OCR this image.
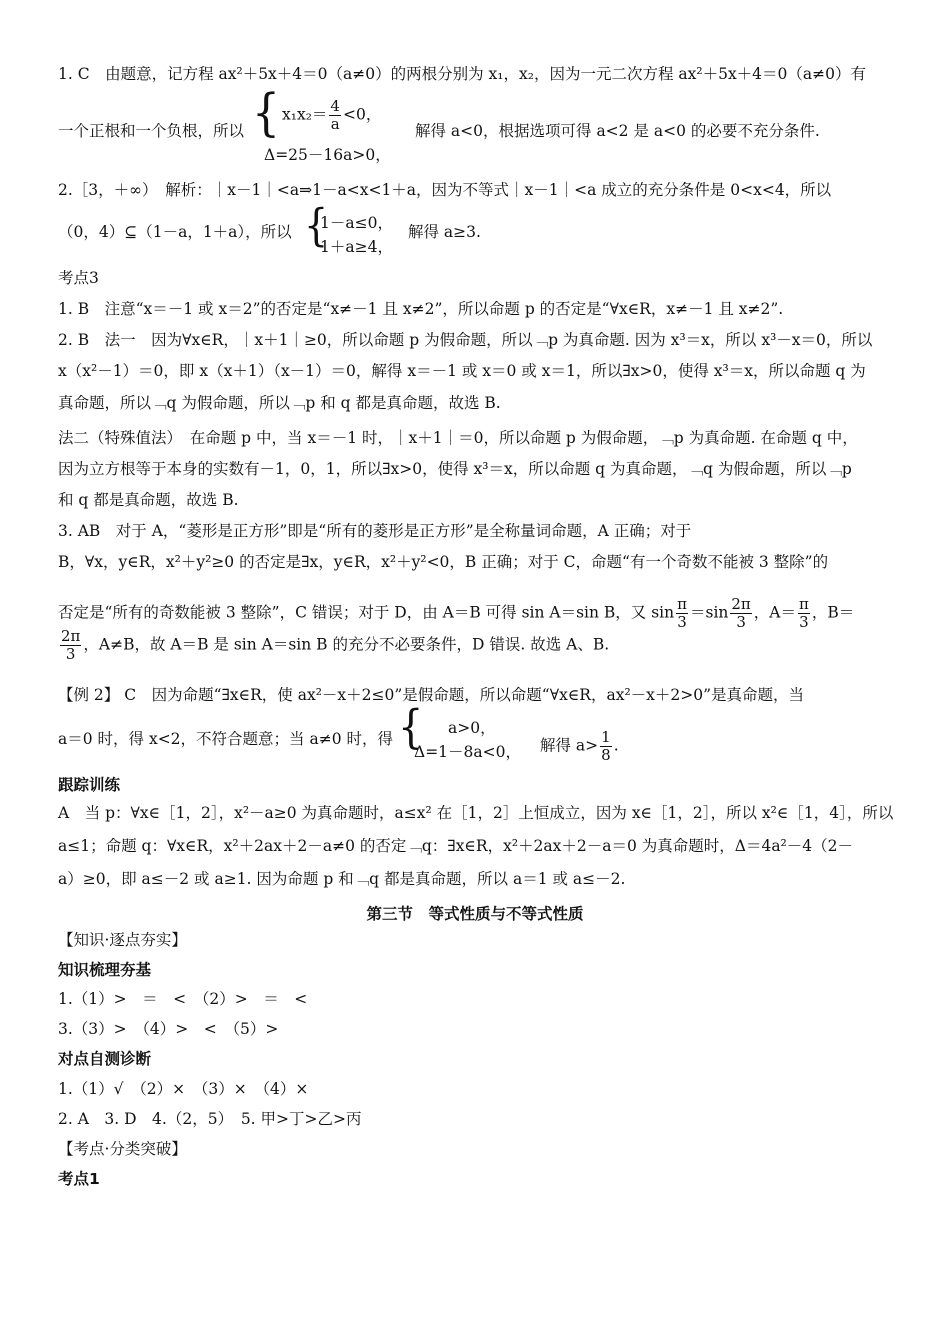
1. C　由题意，记方程 ax²＋5x＋4＝0（a≠0）的两根分别为 x₁，x₂，因为一元二次方程 ax²＋5x＋4＝0（a≠0）有
一个正根和一个负根，所以 { $x_1x_2= \frac{4}{a} <0$，
Δ=25－16a>0，
解得 a<0，根据选项可得 a<2 是 a<0 的必要不充分条件.
2.［3，＋∞）　解析：｜x－1｜<a⇒1－a<x<1＋a，因为不等式｜x－1｜<a 成立的充分条件是 0<x<4，所以
（0，4）⊆（1－a，1＋a），所以 {
1－a≤0，
1＋a≥4，
解得 a≥3.
考点3
1. B　注意“x＝－1 或 x＝2”的否定是“x≠－1 且 x≠2”，所以命题 p 的否定是“∀x∈R，x≠－1 且 x≠2”.
2. B　法一　因为∀x∈R，｜x＋1｜≥0，所以命题 p 为假命题，所以﹁p 为真命题. 因为 x³＝x，所以 x³－x＝0，所以
x（x²－1）＝0，即 x（x＋1）（x－1）＝0，解得 x＝－1 或 x＝0 或 x＝1，所以∃x>0，使得 x³＝x，所以命题 q 为
真命题，所以﹁q 为假命题，所以﹁p 和 q 都是真命题，故选 B.
法二（特殊值法）　在命题 p 中，当 x＝－1 时，｜x＋1｜＝0，所以命题 p 为假命题，﹁p 为真命题. 在命题 q 中，
因为立方根等于本身的实数有－1，0，1，所以∃x>0，使得 x³＝x，所以命题 q 为真命题，﹁q 为假命题，所以﹁p
和 q 都是真命题，故选 B.
3. AB　对于 A，“菱形是正方形”即是“所有的菱形是正方形”是全称量词命题，A 正确；对于
B，∀x，y∈R，x²＋y²≥0 的否定是∃x，y∈R，x²＋y²<0，B 正确；对于 C，命题“有一个奇数不能被 3 整除”的
否定是“所有的奇数能被 3 整除”，C 错误；对于 D，由 A＝B 可得 sin A＝sin B，又 $\sin \frac{\pi}{3} =\sin \frac{2\pi}{3}$ ，$A= \frac{\pi}{3}$ ，B＝
$\frac{2\pi}{3}$ ，A≠B，故 A＝B 是 sin A＝sin B 的充分不必要条件，D 错误. 故选 A、B.
【例 2】 C　因为命题“∃x∈R，使 ax²－x＋2≤0”是假命题，所以命题“∀x∈R，ax²－x＋2>0”是真命题，当
a＝0 时，得 x<2，不符合题意；当 a≠0 时，得 { a>0，
Δ=1－8a<0， 解得 $a> \frac{1}{8}$ .
跟踪训练
A　当 p：∀x∈［1，2］，x²－a≥0 为真命题时，a≤x² 在［1，2］上恒成立，因为 x∈［1，2］，所以 x²∈［1，4］，所以
a≤1；命题 q：∀x∈R，x²＋2ax＋2－a≠0 的否定﹁q：∃x∈R，x²＋2ax＋2－a＝0 为真命题时，Δ＝4a²－4（2－
a）≥0，即 a≤－2 或 a≥1. 因为命题 p 和﹁q 都是真命题，所以 a＝1 或 a≤－2.
第三节　等式性质与不等式性质
【知识·逐点夯实】
知识梳理夯基
1.（1）>　＝　<　（2）>　＝　<
3.（3）>　（4）>　<　（5）>
对点自测诊断
1.（1）√　（2）×　（3）×　（4）×
2. A　3. D　4.（2，5）　5. 甲>丁>乙>丙
【考点·分类突破】
考点1
